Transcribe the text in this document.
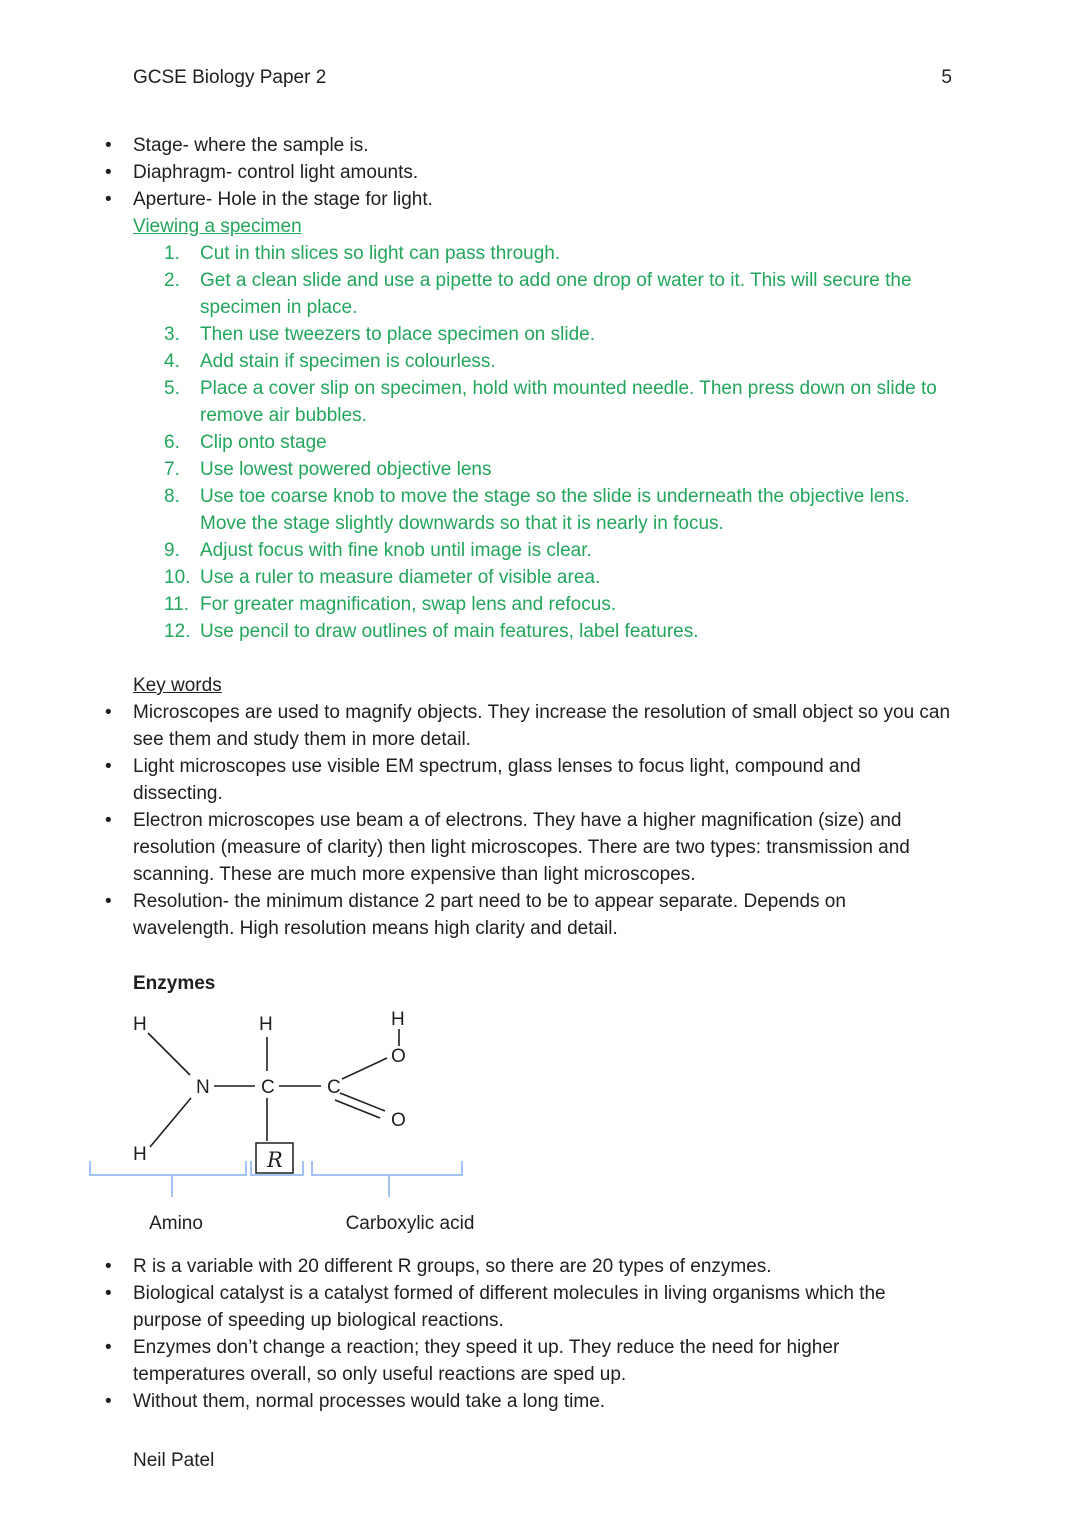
GCSE Biology Paper 2	5
• Stage- where the sample is.
• Diaphragm- control light amounts.
• Aperture- Hole in the stage for light.
Viewing a specimen
Cut in thin slices so light can pass through.
Get a clean slide and use a pipette to add one drop of water to it. This will secure the specimen in place.
Then use tweezers to place specimen on slide.
Add stain if specimen is colourless.
Place a cover slip on specimen, hold with mounted needle. Then press down on slide to remove air bubbles.
Clip onto stage
Use lowest powered objective lens
Use toe coarse knob to move the stage so the slide is underneath the objective lens. Move the stage slightly downwards so that it is nearly in focus.
Adjust focus with fine knob until image is clear.
Use a ruler to measure diameter of visible area.
For greater magnification, swap lens and refocus.
Use pencil to draw outlines of main features, label features.
Key words
• Microscopes are used to magnify objects. They increase the resolution of small object so you can see them and study them in more detail.
• Light microscopes use visible EM spectrum, glass lenses to focus light, compound and dissecting.
• Electron microscopes use beam a of electrons. They have a higher magnification (size) and resolution (measure of clarity) then light microscopes. There are two types: transmission and scanning. These are much more expensive than light microscopes.
• Resolution- the minimum distance 2 part need to be to appear separate. Depends on wavelength. High resolution means high clarity and detail.
Enzymes
H	H	H
H
N	C	C
O
O
R
Amino	Carboxylic acid
• R is a variable with 20 different R groups, so there are 20 types of enzymes.
• Biological catalyst is a catalyst formed of different molecules in living organisms which the purpose of speeding up biological reactions.
• Enzymes don’t change a reaction; they speed it up. They reduce the need for higher temperatures overall, so only useful reactions are sped up.
• Without them, normal processes would take a long time.
Neil Patel
